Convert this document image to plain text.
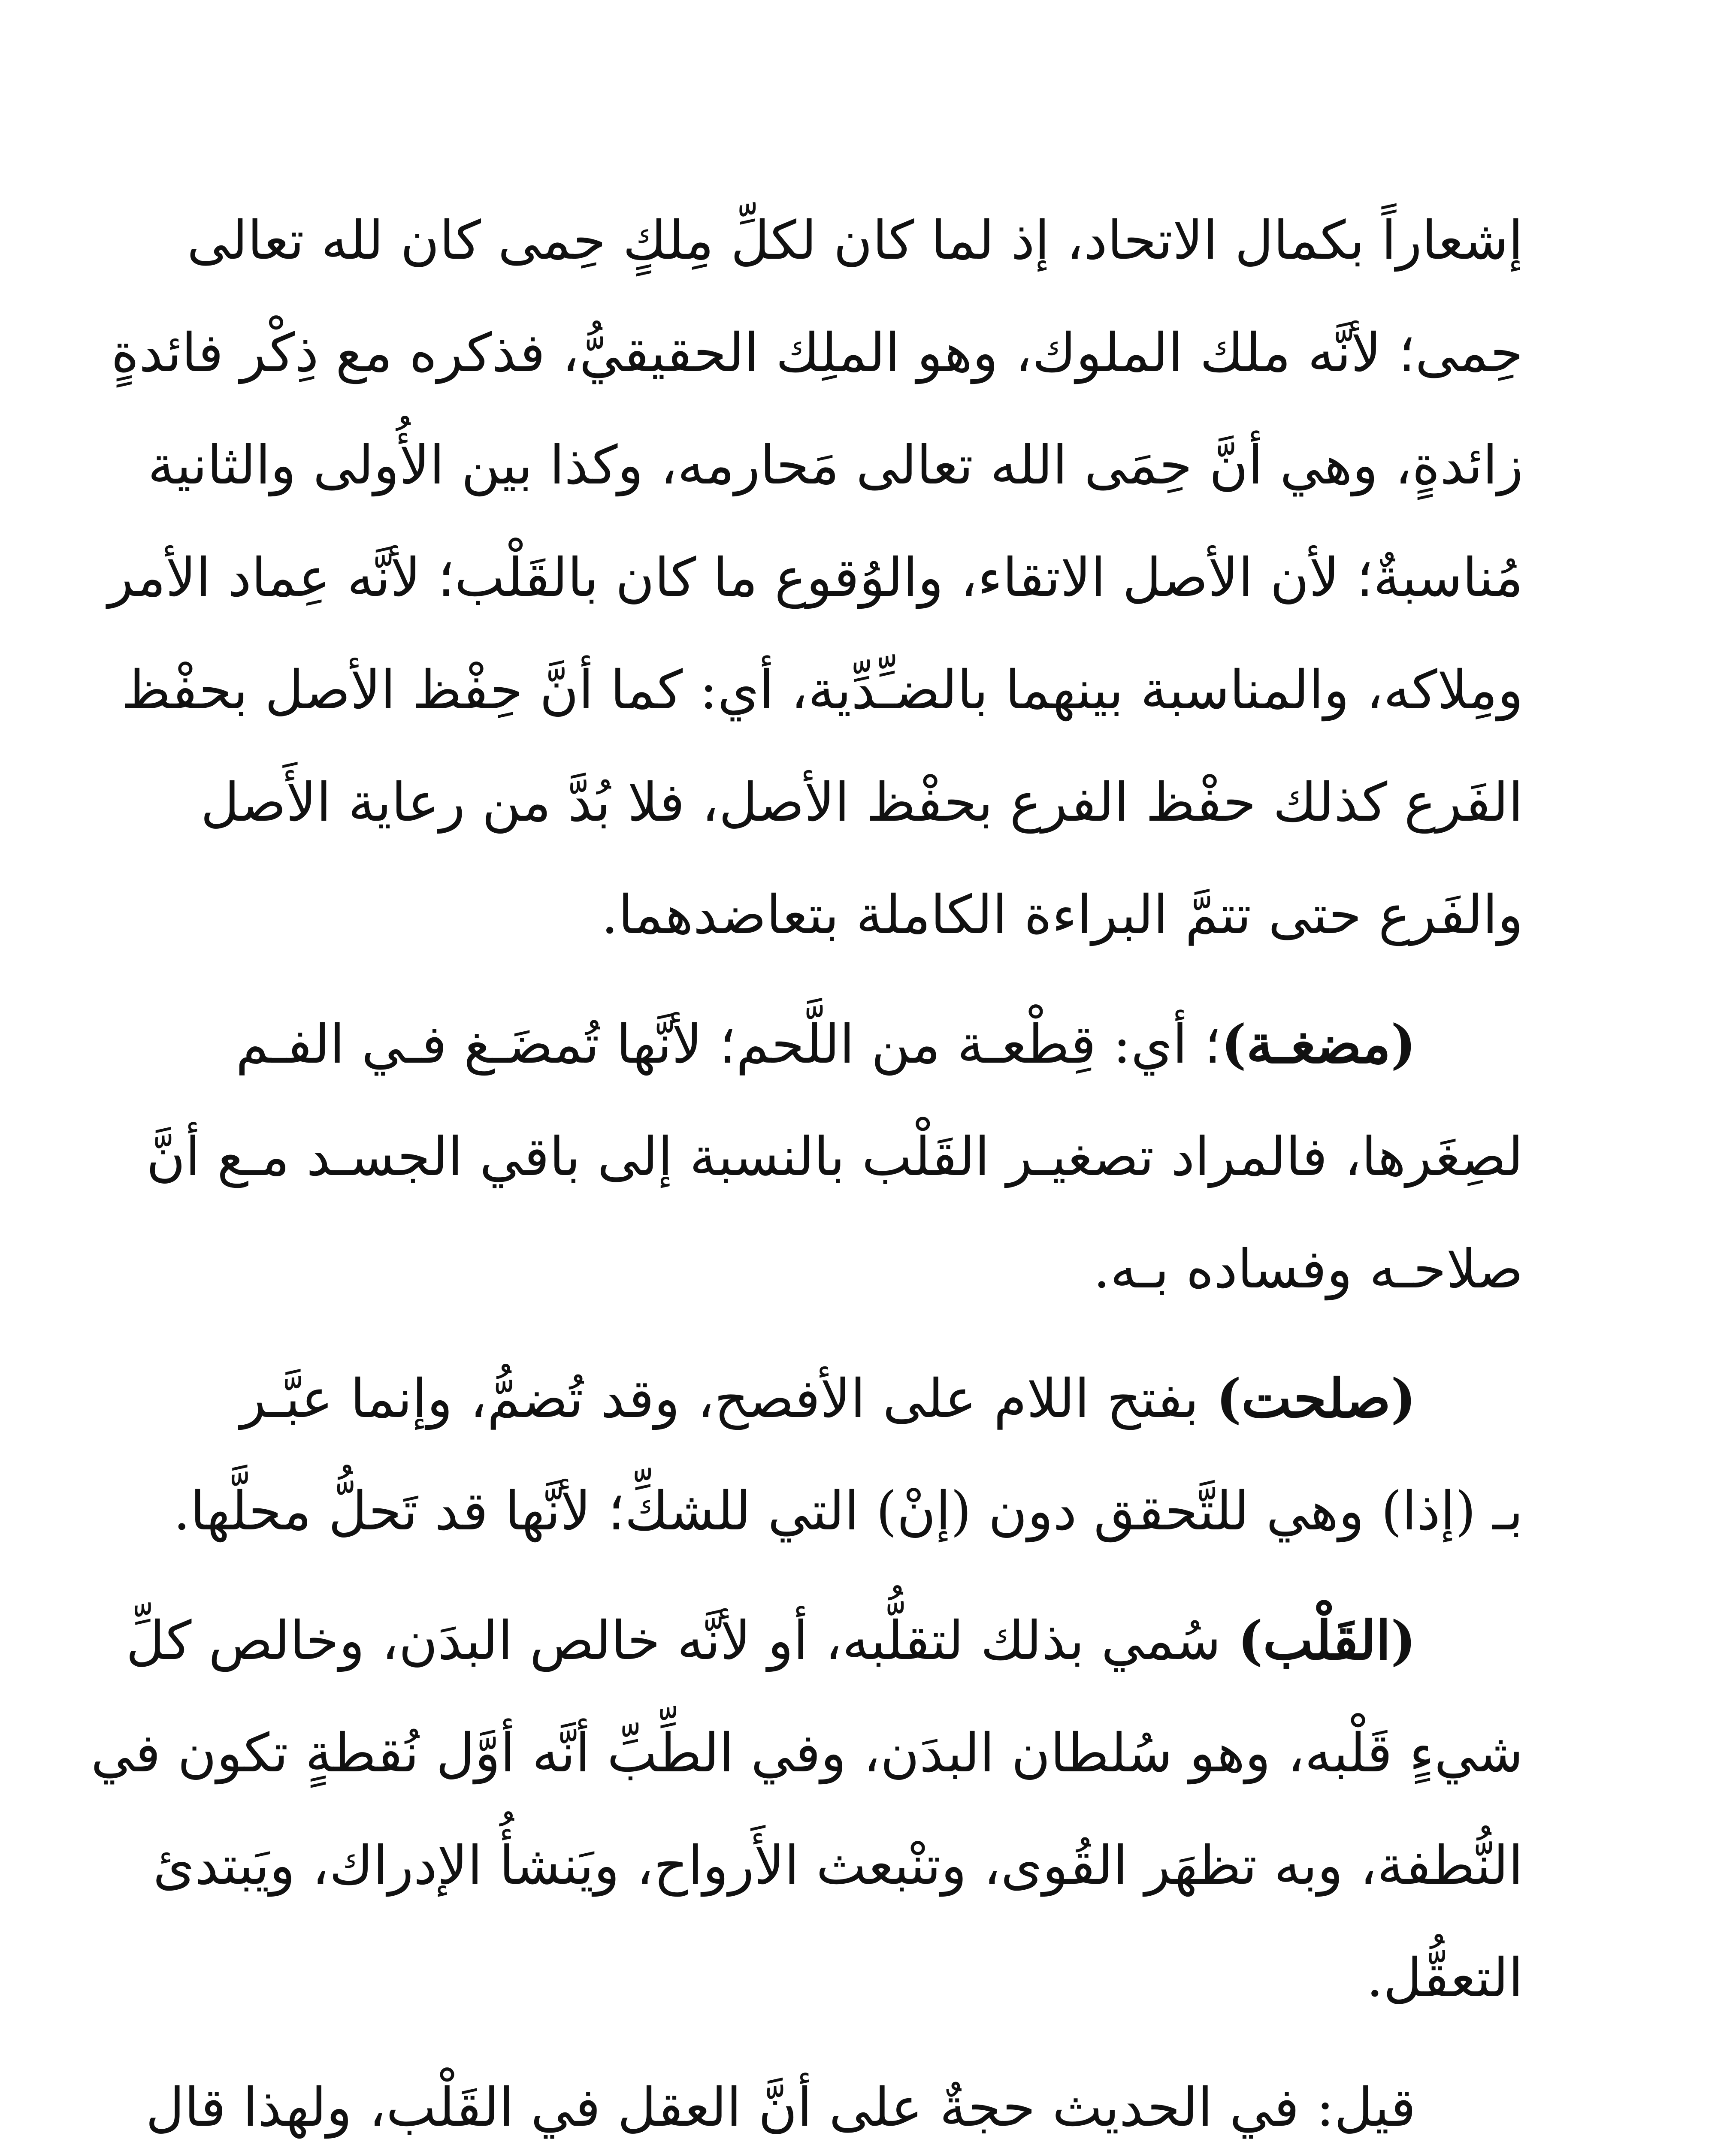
إشعاراً بكمال الاتحاد، إذ لما كان لكلِّ مِلكٍ حِمى كان لله تعالى
حِمى؛ لأنَّه ملك الملوك، وهو الملِك الحقيقيُّ، فذكره مع ذِكْر فائدةٍ
زائدةٍ، وهي أنَّ حِمَى الله تعالى مَحارمه، وكذا بين الأُولى والثانية
مُناسبةٌ؛ لأن الأصل الاتقاء، والوُقوع ما كان بالقَلْب؛ لأنَّه عِماد الأمر
ومِلاكه، والمناسبة بينهما بالضـِّدِّية، أي: كما أنَّ حِفْظ الأصل بحفْظ
الفَرع كذلك حفْظ الفرع بحفْظ الأصل، فلا بُدَّ من رعاية الأَصل
والفَرع حتى تتمَّ البراءة الكاملة بتعاضدهما.
(مضغـة)؛ أي: قِطْعـة من اللَّحم؛ لأنَّها تُمضَـغ فـي الفـم
لصِغَرها، فالمراد تصغيـر القَلْب بالنسبة إلى باقي الجسـد مـع أنَّ
صلاحـه وفساده بـه.
(صلحت) بفتح اللام على الأفصح، وقد تُضمُّ، وإنما عبَّـر
بـ (إذا) وهي للتَّحقق دون (إنْ) التي للشكِّ؛ لأنَّها قد تَحلُّ محلَّها.
(القَلْب) سُمي بذلك لتقلُّبه، أو لأنَّه خالص البدَن، وخالص كلِّ
شيءٍ قَلْبه، وهو سُلطان البدَن، وفي الطِّبِّ أنَّه أوَّل نُقطةٍ تكون في
النُّطفة، وبه تظهَر القُوى، وتنْبعث الأَرواح، ويَنشأُ الإدراك، ويَبتدئ
التعقُّل.
قيل: في الحديث حجةٌ على أنَّ العقل في القَلْب، ولهذا قال
